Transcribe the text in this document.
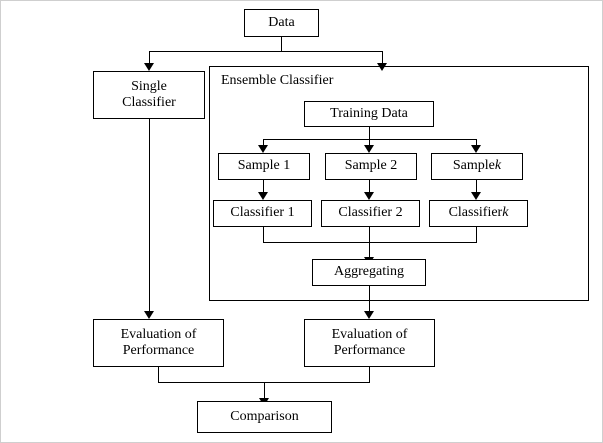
Ensemble Classifier
Data
Single
Classifier
Training Data
Sample 1	Sample 2	Sample k
Classifier 1	Classifier 2	Classifier k
Aggregating
Evaluation of
Performance
Evaluation of
Performance
Comparison
